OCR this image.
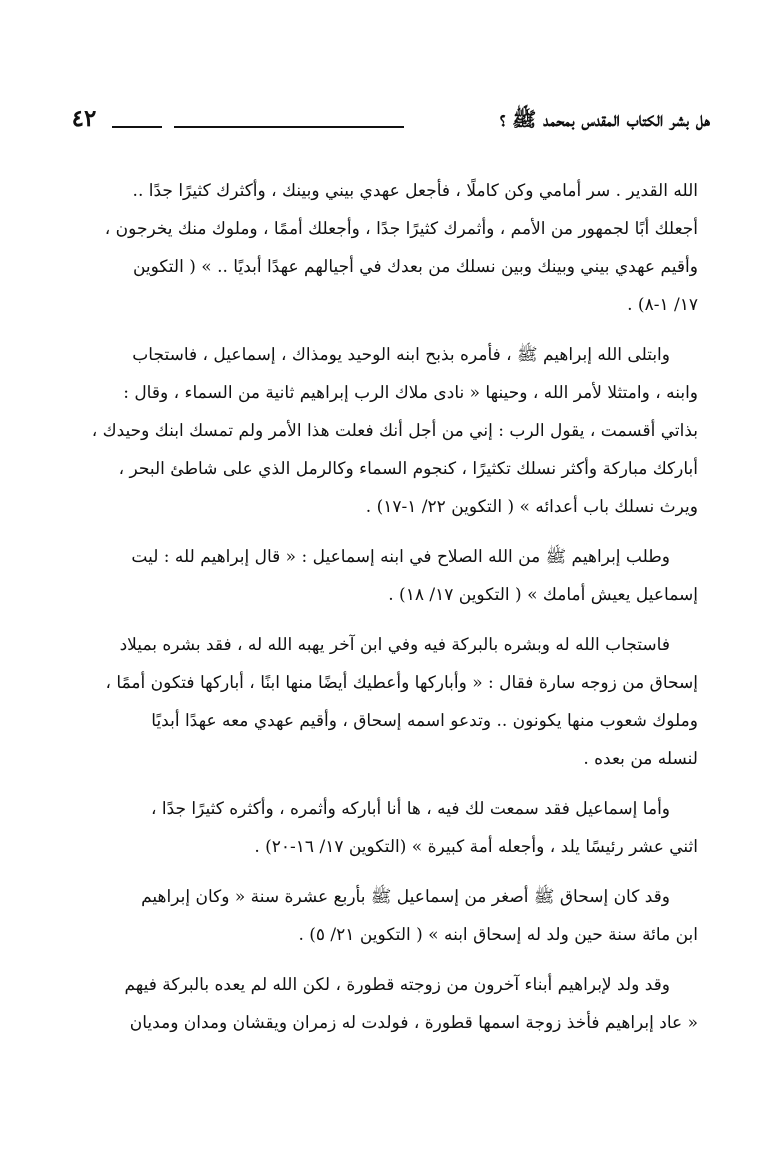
٤٢	هل بشر الكتاب المقدس بمحمد ﷺ ؟
الله القدير . سر أمامي وكن كاملًا ، فأجعل عهدي بيني وبينك ، وأكثرك كثيرًا جدًا ..
أجعلك أبًا لجمهور من الأمم ، وأثمرك كثيرًا جدًا ، وأجعلك أممًا ، وملوك منك يخرجون ،
وأقيم عهدي بيني وبينك وبين نسلك من بعدك في أجيالهم عهدًا أبديًا .. » ( التكوين
١٧/ ١-٨) .
وابتلى الله إبراهيم ﷺ ، فأمره بذبح ابنه الوحيد يومذاك ، إسماعيل ، فاستجاب
وابنه ، وامتثلا لأمر الله ، وحينها « نادى ملاك الرب إبراهيم ثانية من السماء ، وقال :
بذاتي أقسمت ، يقول الرب : إني من أجل أنك فعلت هذا الأمر ولم تمسك ابنك وحيدك ،
أباركك مباركة وأكثر نسلك تكثيرًا ، كنجوم السماء وكالرمل الذي على شاطئ البحر ،
ويرث نسلك باب أعدائه » ( التكوين ٢٢/ ١-١٧) .
وطلب إبراهيم ﷺ من الله الصلاح في ابنه إسماعيل : « قال إبراهيم لله : ليت
إسماعيل يعيش أمامك » ( التكوين ١٧/ ١٨) .
فاستجاب الله له وبشره بالبركة فيه وفي ابن آخر يهبه الله له ، فقد بشره بميلاد
إسحاق من زوجه سارة فقال : « وأباركها وأعطيك أيضًا منها ابنًا ، أباركها فتكون أممًا ،
وملوك شعوب منها يكونون .. وتدعو اسمه إسحاق ، وأقيم عهدي معه عهدًا أبديًا
لنسله من بعده .
وأما إسماعيل فقد سمعت لك فيه ، ها أنا أباركه وأثمره ، وأكثره كثيرًا جدًا ،
اثني عشر رئيسًا يلد ، وأجعله أمة كبيرة » (التكوين ١٧/ ١٦-٢٠) .
وقد كان إسحاق ﷺ أصغر من إسماعيل ﷺ بأربع عشرة سنة « وكان إبراهيم
ابن مائة سنة حين ولد له إسحاق ابنه » ( التكوين ٢١/ ٥) .
وقد ولد لإبراهيم أبناء آخرون من زوجته قطورة ، لكن الله لم يعده بالبركة فيهم
« عاد إبراهيم فأخذ زوجة اسمها قطورة ، فولدت له زمران ويقشان ومدان ومديان
